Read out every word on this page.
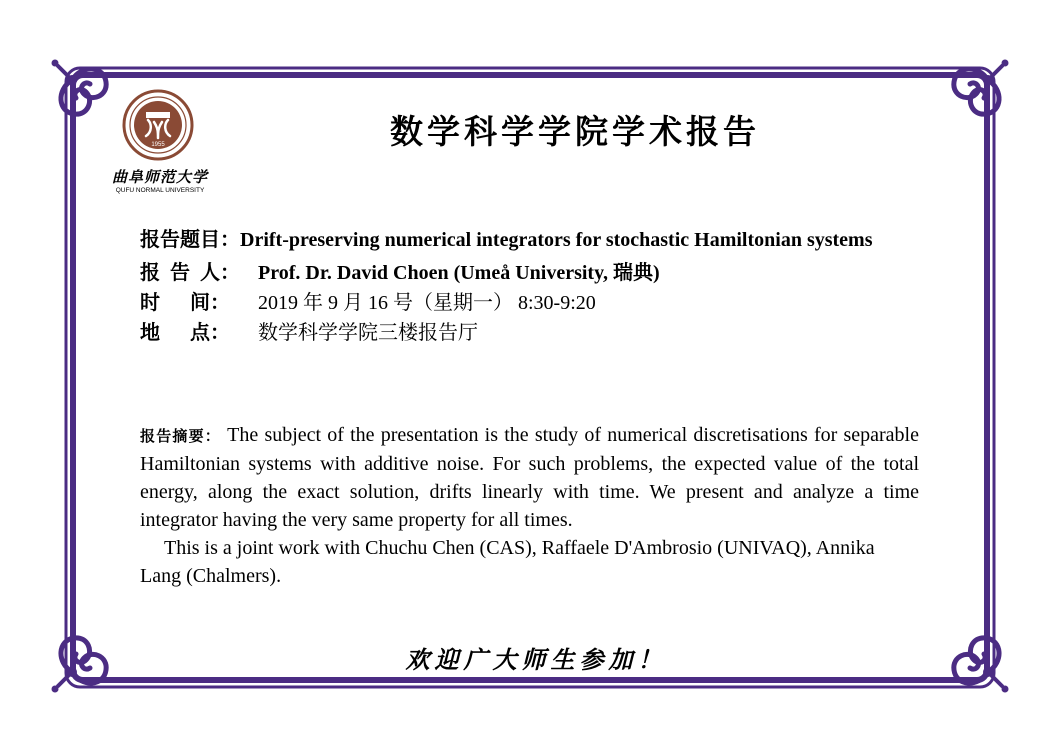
1955
曲阜师范大学
QUFU NORMAL UNIVERSITY
数学科学学院学术报告
报告题目：Drift-preserving numerical integrators for stochastic Hamiltonian systems
报  告  人： Prof. Dr. David Choen (Umeå University, 瑞典)
时      间：	2019 年 9 月 16 号（星期一） 8:30-9:20
地      点：	数学科学学院三楼报告厅

报告摘要： The subject of the presentation is the study of numerical discretisations for separable Hamiltonian systems with additive noise. For such problems, the expected value of the total energy, along the exact solution, drifts linearly with time. We present and analyze a time integrator having the very same property for all times.

This is a joint work with Chuchu Chen (CAS), Raffaele D'Ambrosio (UNIVAQ), Annika Lang (Chalmers).

欢迎广大师生参加！
